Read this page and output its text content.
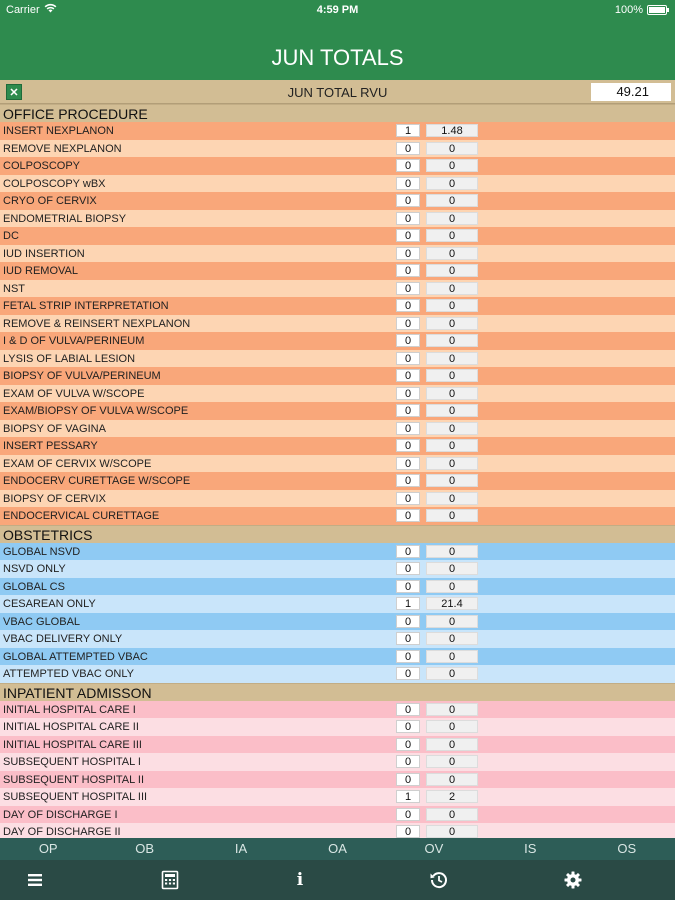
Carrier	4:59 PM	100%
JUN TOTALS
✕	JUN TOTAL RVU	49.21
OFFICE PROCEDURE
INSERT NEXPLANON	1	1.48
REMOVE NEXPLANON	0	0
COLPOSCOPY	0	0
COLPOSCOPY wBX	0	0
CRYO OF CERVIX	0	0
ENDOMETRIAL BIOPSY	0	0
DC	0	0
IUD INSERTION	0	0
IUD REMOVAL	0	0
NST	0	0
FETAL STRIP INTERPRETATION	0	0
REMOVE & REINSERT NEXPLANON	0	0
I & D OF VULVA/PERINEUM	0	0
LYSIS OF LABIAL LESION	0	0
BIOPSY OF VULVA/PERINEUM	0	0
EXAM OF VULVA W/SCOPE	0	0
EXAM/BIOPSY OF VULVA W/SCOPE	0	0
BIOPSY OF VAGINA	0	0
INSERT PESSARY	0	0
EXAM OF CERVIX W/SCOPE	0	0
ENDOCERV CURETTAGE W/SCOPE	0	0
BIOPSY OF CERVIX	0	0
ENDOCERVICAL CURETTAGE	0	0
OBSTETRICS
GLOBAL NSVD	0	0
NSVD ONLY	0	0
GLOBAL CS	0	0
CESAREAN ONLY	1	21.4
VBAC GLOBAL	0	0
VBAC DELIVERY ONLY	0	0
GLOBAL ATTEMPTED VBAC	0	0
ATTEMPTED VBAC ONLY	0	0
INPATIENT ADMISSON
INITIAL HOSPITAL CARE I	0	0
INITIAL HOSPITAL CARE II	0	0
INITIAL HOSPITAL CARE III	0	0
SUBSEQUENT HOSPITAL I	0	0
SUBSEQUENT HOSPITAL II	0	0
SUBSEQUENT HOSPITAL III	1	2
DAY OF DISCHARGE I	0	0
DAY OF DISCHARGE II	0	0
OP	OB	IA	OA	OV	IS	OS
i
